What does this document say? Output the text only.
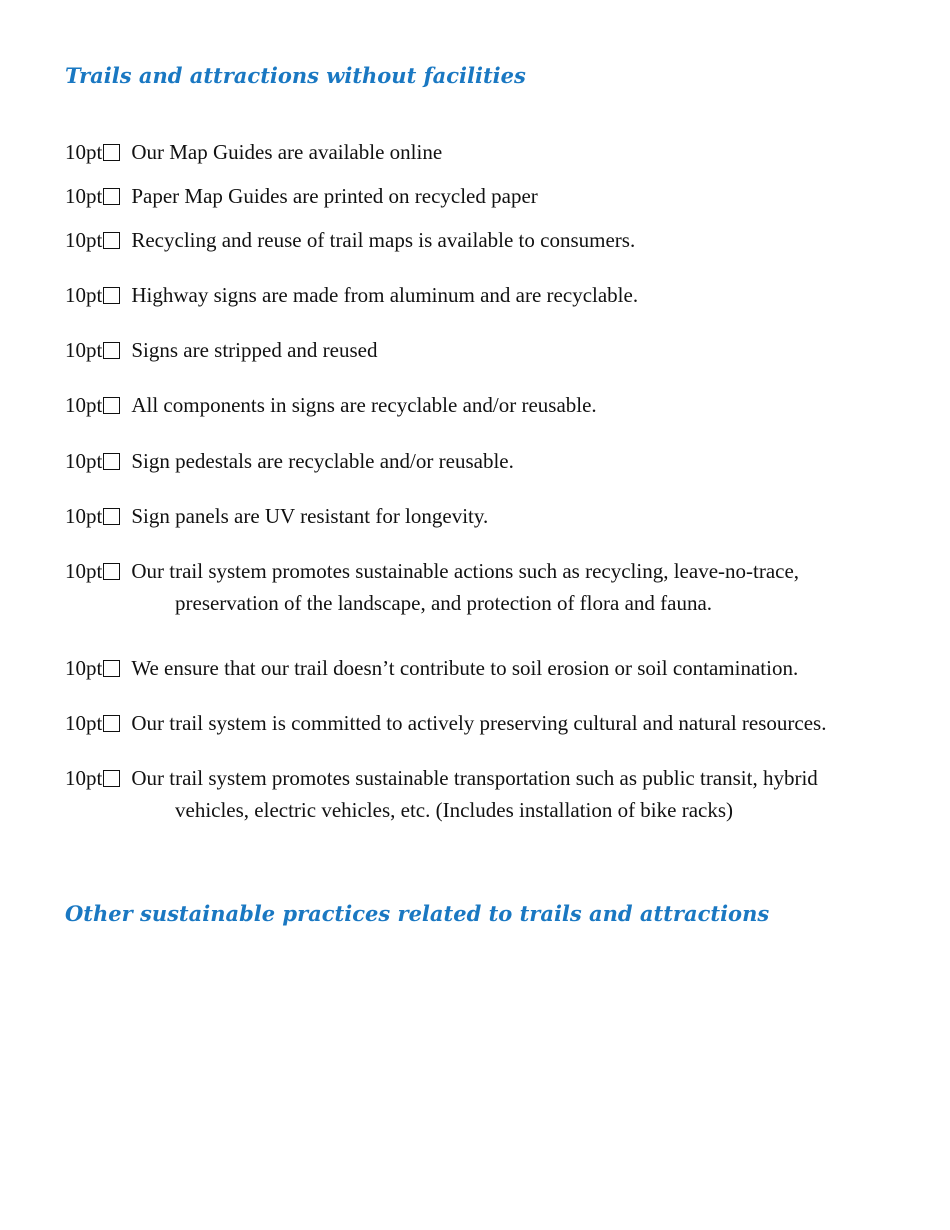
Trails and attractions without facilities
10pt Our Map Guides are available online
10pt Paper Map Guides are printed on recycled paper
10pt Recycling and reuse of trail maps is available to consumers.
10pt Highway signs are made from aluminum and are recyclable.
10pt Signs are stripped and reused
10pt All components in signs are recyclable and/or reusable.
10pt Sign pedestals are recyclable and/or reusable.
10pt Sign panels are UV resistant for longevity.
10pt Our trail system promotes sustainable actions such as recycling, leave-no-trace,
preservation of the landscape, and protection of flora and fauna.
10pt We ensure that our trail doesn’t contribute to soil erosion or soil contamination.
10pt Our trail system is committed to actively preserving cultural and natural resources.
10pt Our trail system promotes sustainable transportation such as public transit, hybrid
vehicles, electric vehicles, etc. (Includes installation of bike racks)
Other sustainable practices related to trails and attractions
